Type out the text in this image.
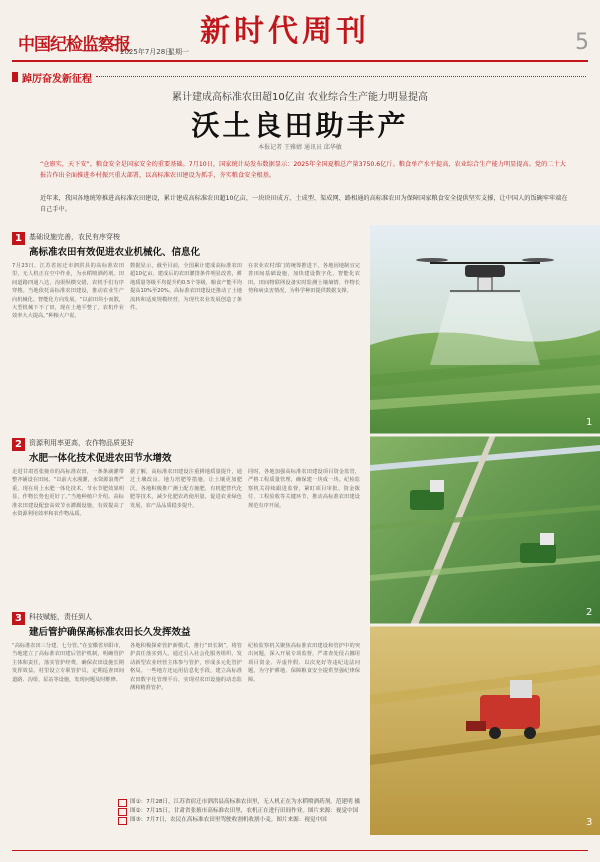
中国纪检监察报
2025年7月28日
星期一
新时代周刊	5
踔厉奋发新征程
累计建成高标准农田超10亿亩 农业综合生产能力明显提高
沃土良田助丰产
本报记者 王雅婧 通讯员 邱华敏
“仓廪实，天下安”。粮食安全是国家安全的重要基础。7月10日，国家统计局发布数据显示：2025年全国夏粮总产量3750.6亿斤。粮食单产水平提高，农业综合生产能力明显提高。党的二十大报告作出全面推进乡村振兴重大部署，以高标准农田建设为抓手，夯实粮食安全根基。
近年来，我国各地统筹推进高标准农田建设，累计建成高标准农田超10亿亩，一块块田成方、土成型、渠成网、路相通的高标准农田为保障国家粮食安全提供坚实支撑，让中国人的饭碗牢牢端在自己手中。
1
2
3
1	基础设施完善，农民有序穿梭
高标准农田有效促进农业机械化、信息化
7月23日，江苏省宿迁市泗洪县的高标准农田里，无人机正在空中作业，为水稻喷洒药剂。田间道路四通八达，沟渠纵横交错，农机手们有序穿梭。当地依托高标准农田建设，推动农业生产向机械化、智能化方向发展。“以前田块小而散，大型机械下不了田，现在土地平整了，农机作业效率大大提高。”种粮大户说。
数据显示，截至目前，全国累计建成高标准农田超10亿亩。建成后的农田灌排条件明显改善，耕地质量等级平均提升约0.5个等级，粮食产能平均提高10%至20%。高标准农田建设还推动了土地流转和适度规模经营，为现代农业发展创造了条件。
在农业农村部门的统筹推进下，各地因地制宜完善田间基础设施，加快建设数字化、智能化农田。田间物联网设备实时监测土壤墒情、作物长势和病虫害情况，为科学种田提供数据支撑。
2	资源利用率更高，农作物品质更好
水肥一体化技术促进农田节水增效
走进甘肃省张掖市的高标准农田，一条条滴灌带整齐铺设在田间。“以前大水漫灌，水资源浪费严重，现在用上水肥一体化技术，节水节肥效果明显，作物长势也更好了。”当地种植户介绍。高标准农田建设配套高效节水灌溉设施，有效提高了水资源利用效率和农作物品质。
据了解，高标准农田建设注重耕地质量提升，通过土壤改良、地力培肥等措施，让土壤更加肥沃。各地积极推广测土配方施肥、有机肥替代化肥等技术，减少化肥农药使用量，促进农业绿色发展，农产品品质稳步提升。
同时，各地加强高标准农田建设项目资金监管，严格工程质量管理，确保建一块成一块。纪检监察机关持续跟进监督，紧盯项目审批、资金拨付、工程验收等关键环节，推动高标准农田建设规范有序开展。
3	科技赋能，责任到人
建后管护确保高标准农田长久发挥效益
“高标准农田三分建、七分管。”在安徽省阜阳市，当地建立了高标准农田建后管护机制，明确管护主体和责任，落实管护经费，确保农田设施长期发挥效益。村里设立专职管护员，定期巡查田间道路、沟渠、泵站等设施，发现问题及时维修。
各地积极探索管护新模式，推行“田长制”，将管护责任落实到人。通过引入社会化服务组织、发动新型农业经营主体参与管护，形成多元化管护格局。一些地方还运用信息化手段，建立高标准农田数字化管理平台，实现对农田设施的动态监测和精准管护。
纪检监察机关聚焦高标准农田建设和管护中的突出问题，深入开展专项监督，严肃查处侵占挪用项目资金、弄虚作假、以次充好等违纪违法问题，为守护耕地、保障粮食安全提供坚强纪律保障。
图①：7月28日，江苏省宿迁市泗洪县高标准农田里，无人机正在为水稻喷洒药剂。范建明 摄
图②：7月15日，甘肃省张掖市高标准农田里，农机正在进行田间作业。图片来源：视觉中国
图③：7月7日，农民在高标准农田里驾驶收割机收割小麦。图片来源：视觉中国
